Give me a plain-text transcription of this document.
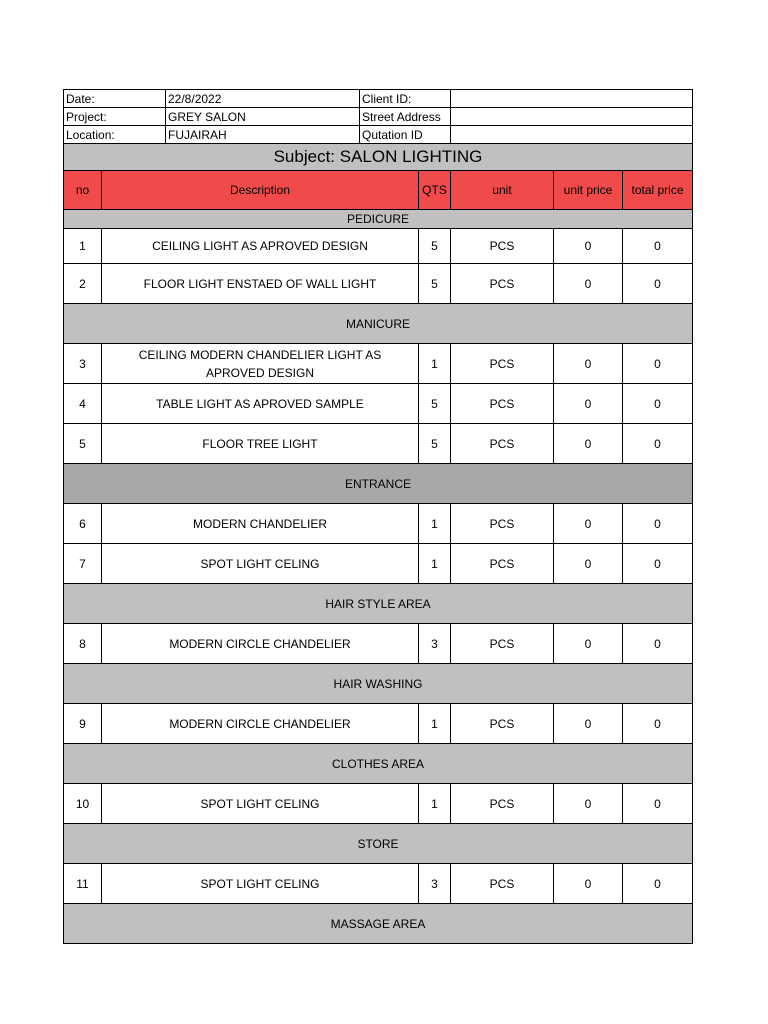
Date:	22/8/2022	Client ID:	
Project:	GREY SALON	Street Address	
Location:	FUJAIRAH	Qutation ID	
Subject: SALON LIGHTING					
no	Description	QTS	unit	unit price	total price
PEDICURE					
1	CEILING LIGHT AS APROVED DESIGN	5	PCS	0	0
2	FLOOR LIGHT ENSTAED OF WALL LIGHT	5	PCS	0	0
MANICURE					
3	CEILING MODERN CHANDELIER LIGHT AS APROVED DESIGN	1	PCS	0	0
4	TABLE LIGHT AS APROVED SAMPLE	5	PCS	0	0
5	FLOOR TREE LIGHT	5	PCS	0	0
ENTRANCE					
6	MODERN CHANDELIER	1	PCS	0	0
7	SPOT LIGHT CELING	1	PCS	0	0
HAIR STYLE AREA					
8	MODERN CIRCLE CHANDELIER	3	PCS	0	0
HAIR WASHING					
9	MODERN CIRCLE CHANDELIER	1	PCS	0	0
CLOTHES AREA					
10	SPOT LIGHT CELING	1	PCS	0	0
STORE					
11	SPOT LIGHT CELING	3	PCS	0	0
MASSAGE AREA					
